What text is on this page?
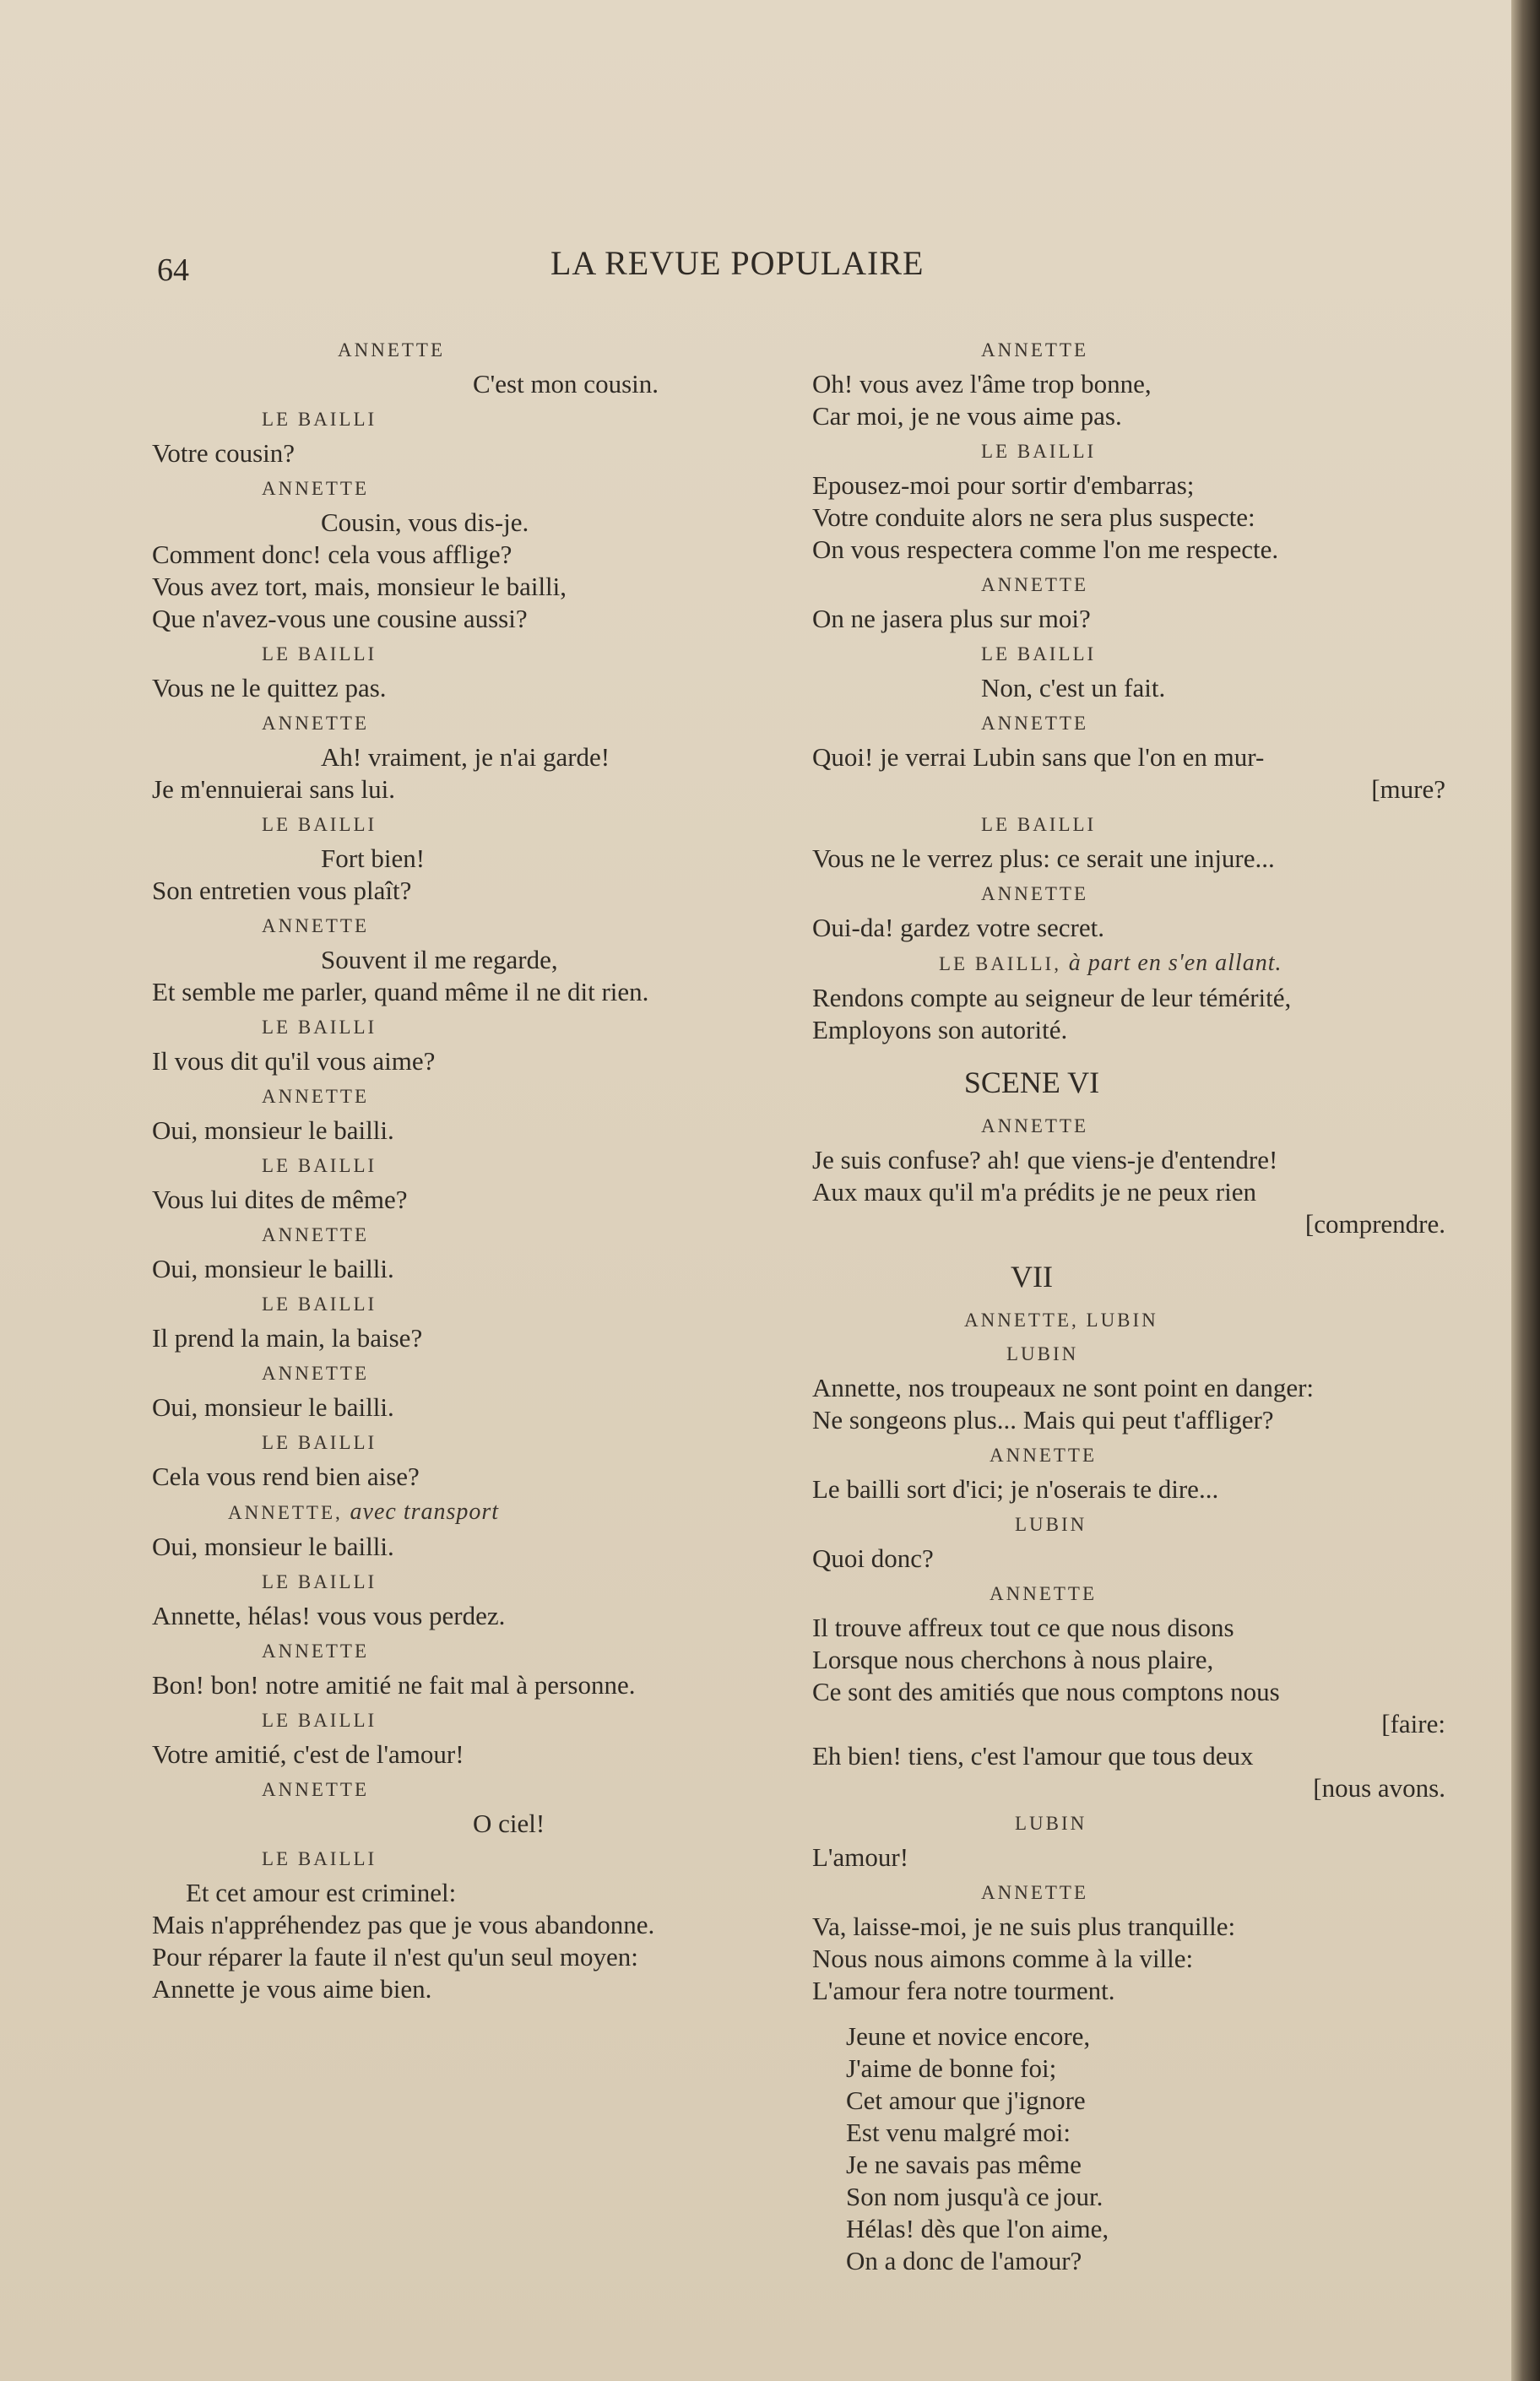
64	LA REVUE POPULAIRE
ANNETTE
C'est mon cousin.
LE BAILLI
Votre cousin?
ANNETTE
Cousin, vous dis-je.
Comment donc! cela vous afflige?
Vous avez tort, mais, monsieur le bailli,
Que n'avez-vous une cousine aussi?
LE BAILLI
Vous ne le quittez pas.
ANNETTE
Ah! vraiment, je n'ai garde!
Je m'ennuierai sans lui.
LE BAILLI
Fort bien!
Son entretien vous plaît?
ANNETTE
Souvent il me regarde,
Et semble me parler, quand même il ne dit rien.
LE BAILLI
Il vous dit qu'il vous aime?
ANNETTE
Oui, monsieur le bailli.
LE BAILLI
Vous lui dites de même?
ANNETTE
Oui, monsieur le bailli.
LE BAILLI
Il prend la main, la baise?
ANNETTE
Oui, monsieur le bailli.
LE BAILLI
Cela vous rend bien aise?
ANNETTE, avec transport
Oui, monsieur le bailli.
LE BAILLI
Annette, hélas! vous vous perdez.
ANNETTE
Bon! bon! notre amitié ne fait mal à personne.
LE BAILLI
Votre amitié, c'est de l'amour!
ANNETTE
O ciel!
LE BAILLI
Et cet amour est criminel:
Mais n'appréhendez pas que je vous abandonne.
Pour réparer la faute il n'est qu'un seul moyen:
Annette je vous aime bien.
ANNETTE
Oh! vous avez l'âme trop bonne,
Car moi, je ne vous aime pas.
LE BAILLI
Epousez-moi pour sortir d'embarras;
Votre conduite alors ne sera plus suspecte:
On vous respectera comme l'on me respecte.
ANNETTE
On ne jasera plus sur moi?
LE BAILLI
Non, c'est un fait.
ANNETTE
Quoi! je verrai Lubin sans que l'on en mur-
[mure?
LE BAILLI
Vous ne le verrez plus: ce serait une injure...
ANNETTE
Oui-da! gardez votre secret.
LE BAILLI, à part en s'en allant.
Rendons compte au seigneur de leur témérité,
Employons son autorité.
SCENE VI
ANNETTE
Je suis confuse? ah! que viens-je d'entendre!
Aux maux qu'il m'a prédits je ne peux rien
[comprendre.
VII
ANNETTE, LUBIN
LUBIN
Annette, nos troupeaux ne sont point en danger:
Ne songeons plus... Mais qui peut t'affliger?
ANNETTE
Le bailli sort d'ici; je n'oserais te dire...
LUBIN
Quoi donc?
ANNETTE
Il trouve affreux tout ce que nous disons
Lorsque nous cherchons à nous plaire,
Ce sont des amitiés que nous comptons nous
[faire:
Eh bien! tiens, c'est l'amour que tous deux
[nous avons.
LUBIN
L'amour!
ANNETTE
Va, laisse-moi, je ne suis plus tranquille:
Nous nous aimons comme à la ville:
L'amour fera notre tourment.
Jeune et novice encore,
J'aime de bonne foi;
Cet amour que j'ignore
Est venu malgré moi:
Je ne savais pas même
Son nom jusqu'à ce jour.
Hélas! dès que l'on aime,
On a donc de l'amour?
